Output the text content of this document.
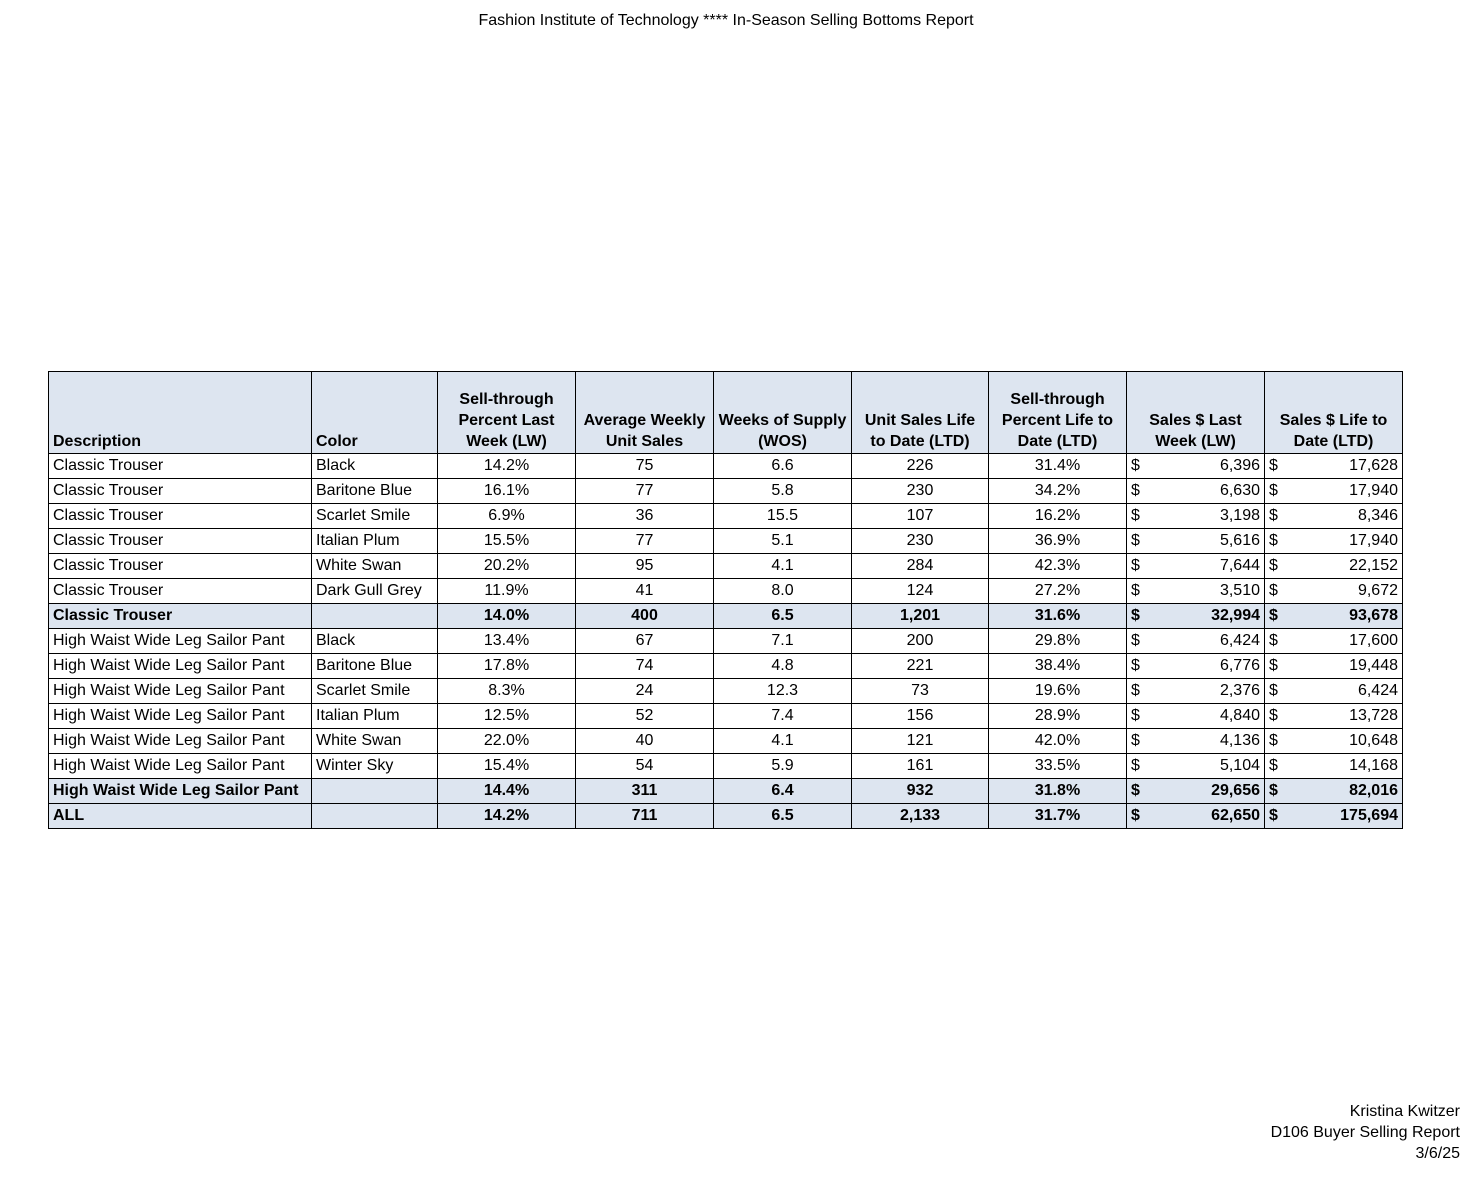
Fashion Institute of Technology **** In-Season Selling Bottoms Report
Description	Color	Sell-through Percent Last Week (LW)	Average Weekly Unit Sales	Weeks of Supply (WOS)	Unit Sales Life to Date (LTD)	Sell-through Percent Life to Date (LTD)	Sales $ Last Week (LW)	Sales $ Life to Date (LTD)
Classic Trouser	Black	14.2%	75	6.6	226	31.4%	$ 6,396	$ 17,628

Classic Trouser	Baritone Blue	16.1%	77	5.8	230	34.2%	$ 6,630	$ 17,940

Classic Trouser	Scarlet Smile	6.9%	36	15.5	107	16.2%	$ 3,198	$ 8,346

Classic Trouser	Italian Plum	15.5%	77	5.1	230	36.9%	$ 5,616	$ 17,940

Classic Trouser	White Swan	20.2%	95	4.1	284	42.3%	$ 7,644	$ 22,152

Classic Trouser	Dark Gull Grey	11.9%	41	8.0	124	27.2%	$ 3,510	$ 9,672

Classic Trouser		14.0%	400	6.5	1,201	31.6%	$ 32,994	$ 93,678

High Waist Wide Leg Sailor Pant	Black	13.4%	67	7.1	200	29.8%	$ 6,424	$ 17,600

High Waist Wide Leg Sailor Pant	Baritone Blue	17.8%	74	4.8	221	38.4%	$ 6,776	$ 19,448

High Waist Wide Leg Sailor Pant	Scarlet Smile	8.3%	24	12.3	73	19.6%	$ 2,376	$ 6,424

High Waist Wide Leg Sailor Pant	Italian Plum	12.5%	52	7.4	156	28.9%	$ 4,840	$ 13,728

High Waist Wide Leg Sailor Pant	White Swan	22.0%	40	4.1	121	42.0%	$ 4,136	$ 10,648

High Waist Wide Leg Sailor Pant	Winter Sky	15.4%	54	5.9	161	33.5%	$ 5,104	$ 14,168

High Waist Wide Leg Sailor Pant		14.4%	311	6.4	932	31.8%	$ 29,656	$ 82,016

ALL		14.2%	711	6.5	2,133	31.7%	$ 62,650	$ 175,694
Kristina Kwitzer
D106 Buyer Selling Report
3/6/25
